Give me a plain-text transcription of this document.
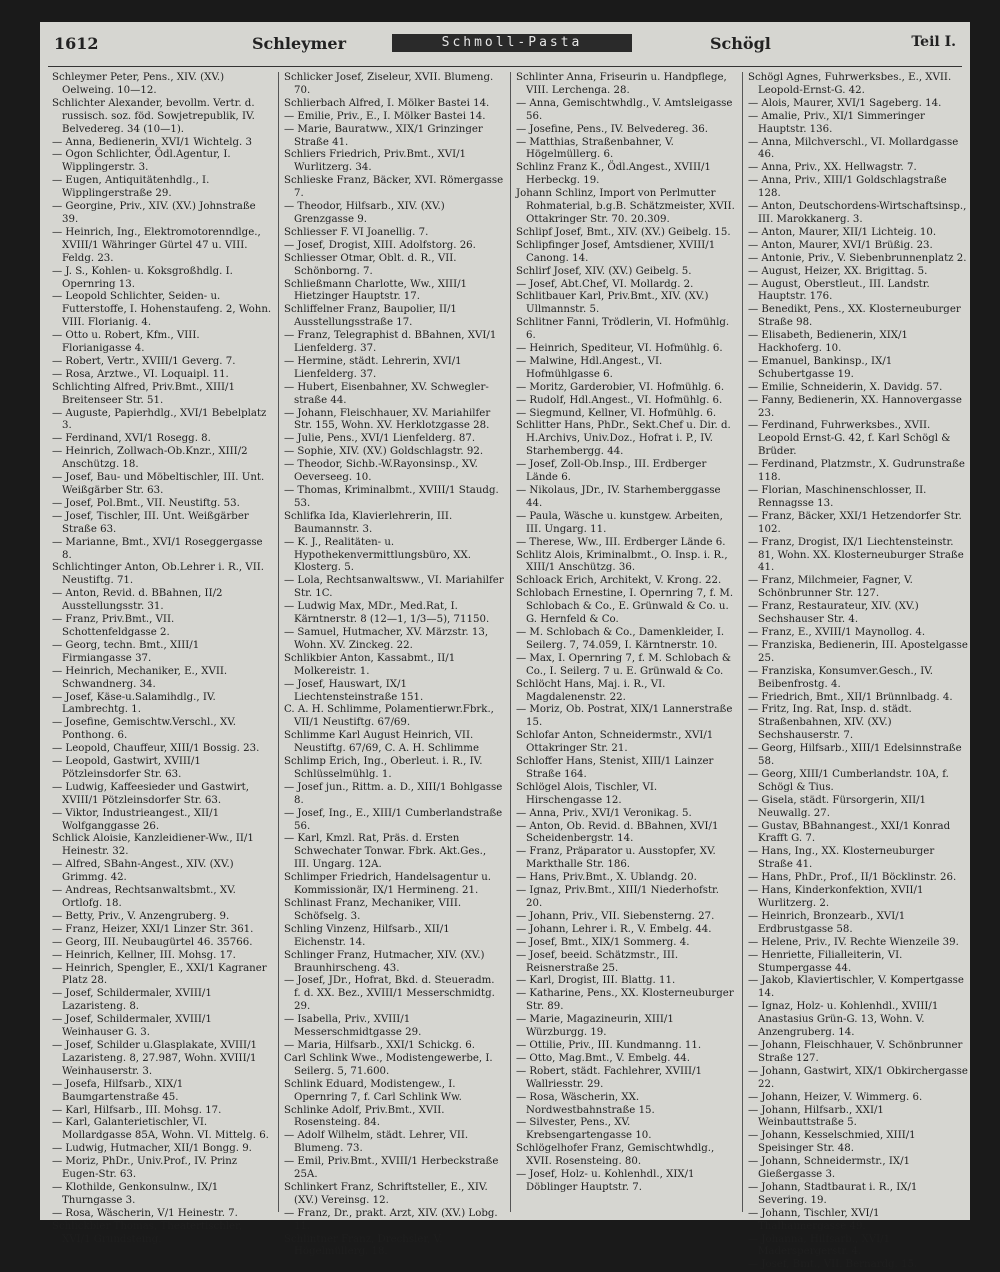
1612	Schleymer	Schmoll-Pasta	Schögl	Teil I.

Schleymer Peter, Pens., XIV. (XV.) Oelweing. 10—12.

Schlichter Alexander, bevollm. Vertr. d. russisch. soz. föd. Sowjetrepublik, IV. Belvedereg. 34 (10—1).

— Anna, Bedienerin, XVI/1 Wichtelg. 3

— Ogon Schlichter, Ödl.Agentur, I. Wipplingerstr. 3.

— Eugen, Antiquitätenhdlg., I. Wipplingerstraße 29.

— Georgine, Priv., XIV. (XV.) Johnstraße 39.

— Heinrich, Ing., Elektromotorenndlge., XVIII/1 Währinger Gürtel 47 u. VIII. Feldg. 23.

— J. S., Kohlen- u. Koksgroßhdlg. I. Opernring 13.

— Leopold Schlichter, Seiden- u. Futterstoffe, I. Hohenstaufeng. 2, Wohn. VIII. Florianig. 4.

— Otto u. Robert, Kfm., VIII. Florianigasse 4.

— Robert, Vertr., XVIII/1 Geverg. 7.

— Rosa, Arztwe., VI. Loquaipl. 11.

Schlichting Alfred, Priv.Bmt., XIII/1 Breitenseer Str. 51.

— Auguste, Papierhdlg., XVI/1 Bebelplatz 3.

— Ferdinand, XVI/1 Rosegg. 8.

— Heinrich, Zollwach-Ob.Knzr., XIII/2 Anschützg. 18.

— Josef, Bau- und Möbeltischler, III. Unt. Weißgärber Str. 63.

— Josef, Pol.Bmt., VII. Neustiftg. 53.

— Josef, Tischler, III. Unt. Weißgärber Straße 63.

— Marianne, Bmt., XVI/1 Roseggergasse 8.

Schlichtinger Anton, Ob.Lehrer i. R., VII. Neustiftg. 71.

— Anton, Revid. d. BBahnen, II/2 Ausstellungsstr. 31.

— Franz, Priv.Bmt., VII. Schottenfeldgasse 2.

— Georg, techn. Bmt., XIII/1 Firmiangasse 37.

— Heinrich, Mechaniker, E., XVII. Schwandnerg. 34.

— Josef, Käse-u.Salamihdlg., IV. Lambrechtg. 1.

— Josefine, Gemischtw.Verschl., XV. Ponthong. 6.

— Leopold, Chauffeur, XIII/1 Bossig. 23.

— Leopold, Gastwirt, XVIII/1 Pötzleinsdorfer Str. 63.

— Ludwig, Kaffeesieder und Gastwirt, XVIII/1 Pötzleinsdorfer Str. 63.

— Viktor, Industrieangest., XII/1 Wolfganggasse 26.

Schlick Aloisie, Kanzleidiener-Ww., II/1 Heinestr. 32.

— Alfred, SBahn-Angest., XIV. (XV.) Grimmg. 42.

— Andreas, Rechtsanwaltsbmt., XV. Ortlofg. 18.

— Betty, Priv., V. Anzengruberg. 9.

— Franz, Heizer, XXI/1 Linzer Str. 361.

— Georg, III. Neubaugürtel 46. 35766.

— Heinrich, Kellner, III. Mohsg. 17.

— Heinrich, Spengler, E., XXI/1 Kagraner Platz 28.

— Josef, Schildermaler, XVIII/1 Lazaristeng. 8.

— Josef, Schildermaler, XVIII/1 Weinhauser G. 3.

— Josef, Schilder u.Glasplakate, XVIII/1 Lazaristeng. 8, 27.987, Wohn. XVIII/1 Weinhauserstr. 3.

— Josefa, Hilfsarb., XIX/1 Baumgartenstraße 45.

— Karl, Hilfsarb., III. Mohsg. 17.

— Karl, Galanterietischler, VI. Mollardgasse 85A, Wohn. VI. Mittelg. 6.

— Ludwig, Hutmacher, XII/1 Bongg. 9.

— Moriz, PhDr., Univ.Prof., IV. Prinz Eugen-Str. 63.

— Klothilde, Genkonsulnw., IX/1 Thurngasse 3.

— Rosa, Wäscherin, V/1 Heinestr. 7.

Schlickbier Thomas, Theatertischler, XVI/1 Grundsteing.

Schlicker Josef, Ziseleur, XVII. Blumeng. 70.

Schlierbach Alfred, I. Mölker Bastei 14.

— Emilie, Priv., E., I. Mölker Bastei 14.

— Marie, Bauratww., XIX/1 Grinzinger Straße 41.

Schliers Friedrich, Priv.Bmt., XVI/1 Wurlitzerg. 34.

Schlieske Franz, Bäcker, XVI. Römergasse 7.

— Theodor, Hilfsarb., XIV. (XV.) Grenzgasse 9.

Schliesser F. VI Joanellig. 7.

— Josef, Drogist, XIII. Adolfstorg. 26.

Schliesser Otmar, Oblt. d. R., VII. Schönborng. 7.

Schließmann Charlotte, Ww., XIII/1 Hietzinger Hauptstr. 17.

Schliffelner Franz, Baupolier, II/1 Ausstellungsstraße 17.

— Franz, Telegraphist d. BBahnen, XVI/1 Lienfelderg. 37.

— Hermine, städt. Lehrerin, XVI/1 Lienfelderg. 37.

— Hubert, Eisenbahner, XV. Schwegler- straße 44.

— Johann, Fleischhauer, XV. Mariahilfer Str. 155, Wohn. XV. Herklotzgasse 28.

— Julie, Pens., XVI/1 Lienfelderg. 87.

— Sophie, XIV. (XV.) Goldschlagstr. 92.

— Theodor, Sichb.-W.Rayonsinsp., XV. Oeverseeg. 10.

— Thomas, Kriminalbmt., XVIII/1 Staudg. 53.

Schlifka Ida, Klavierlehrerin, III. Baumannstr. 3.

— K. J., Realitäten- u. Hypothekenvermittlungsbüro, XX. Klosterg. 5.

— Lola, Rechtsanwaltsww., VI. Mariahilfer Str. 1C.

— Ludwig Max, MDr., Med.Rat, I. Kärntnerstr. 8 (12—1, 1/3—5), 71150.

— Samuel, Hutmacher, XV. Märzstr. 13, Wohn. XV. Zinckeg. 22.

Schlikbier Anton, Kassabmt., II/1 Molkereistr. 1.

— Josef, Hauswart, IX/1 Liechtensteinstraße 151.

C. A. H. Schlimme, Polamentierwr.Fbrk., VII/1 Neustiftg. 67/69.

Schlimme Karl August Heinrich, VII. Neustiftg. 67/69, C. A. H. Schlimme

Schlimp Erich, Ing., Oberleut. i. R., IV. Schlüsselmühlg. 1.

— Josef jun., Rittm. a. D., XIII/1 Bohlgasse 8.

— Josef, Ing., E., XIII/1 Cumberlandstraße 56.

— Karl, Kmzl. Rat, Präs. d. Ersten Schwechater Tonwar. Fbrk. Akt.Ges., III. Ungarg. 12A.

Schlimper Friedrich, Handelsagentur u. Kommissionär, IX/1 Hermineng. 21.

Schlinast Franz, Mechaniker, VIII. Schöfselg. 3.

Schling Vinzenz, Hilfsarb., XII/1 Eichenstr. 14.

Schlinger Franz, Hutmacher, XIV. (XV.) Braunhirscheng. 43.

— Josef, JDr., Hofrat, Bkd. d. Steueradm. f. d. XX. Bez., XVIII/1 Messerschmidtg. 29.

— Isabella, Priv., XVIII/1 Messerschmidtgasse 29.

— Maria, Hilfsarb., XXI/1 Schickg. 6.

Carl Schlink Wwe., Modistengewerbe, I. Seilerg. 5, 71.600.

Schlink Eduard, Modistengew., I. Opernring 7, f. Carl Schlink Ww.

Schlinke Adolf, Priv.Bmt., XVII. Rosensteing. 84.

— Adolf Wilhelm, städt. Lehrer, VII. Blumeng. 73.

— Emil, Priv.Bmt., XVIII/1 Herbeckstraße 25A.

Schlinkert Franz, Schriftsteller, E., XIV. (XV.) Vereinsg. 12.

— Franz, Dr., prakt. Arzt, XIV. (XV.) Lobg. 11.

Schlintner Franz, Drechsler, V. Högelmüllerg. 18.

Schlinter Anna, Friseurin u. Handpflege, VIII. Lerchenga. 28.

— Anna, Gemischtwhdlg., V. Amtsleigasse 56.

— Josefine, Pens., IV. Belvedereg. 36.

— Matthias, Straßenbahner, V. Högelmüllerg. 6.

Schlinz Franz K., Ödl.Angest., XVIII/1 Herbeckg. 19.

Johann Schlinz, Import von Perlmutter Rohmaterial, b.g.B. Schätzmeister, XVII. Ottakringer Str. 70. 20.309.

Schlipf Josef, Bmt., XIV. (XV.) Geibelg. 15.

Schlipfinger Josef, Amtsdiener, XVIII/1 Canong. 14.

Schlirf Josef, XIV. (XV.) Geibelg. 5.

— Josef, Abt.Chef, VI. Mollardg. 2.

Schlitbauer Karl, Priv.Bmt., XIV. (XV.) Ullmannstr. 5.

Schlitner Fanni, Trödlerin, VI. Hofmühlg. 6.

— Heinrich, Spediteur, VI. Hofmühlg. 6.

— Malwine, Hdl.Angest., VI. Hofmühlgasse 6.

— Moritz, Garderobier, VI. Hofmühlg. 6.

— Rudolf, Hdl.Angest., VI. Hofmühlg. 6.

— Siegmund, Kellner, VI. Hofmühlg. 6.

Schlitter Hans, PhDr., Sekt.Chef u. Dir. d. H.Archivs, Univ.Doz., Hofrat i. P., IV. Starhembergg. 44.

— Josef, Zoll-Ob.Insp., III. Erdberger Lände 6.

— Nikolaus, JDr., IV. Starhemberggasse 44.

— Paula, Wäsche u. kunstgew. Arbeiten, III. Ungarg. 11.

— Therese, Ww., III. Erdberger Lände 6.

Schlitz Alois, Kriminalbmt., O. Insp. i. R., XIII/1 Anschützg. 36.

Schloack Erich, Architekt, V. Krong. 22.

Schlobach Ernestine, I. Opernring 7, f. M. Schlobach & Co., E. Grünwald & Co. u. G. Hernfeld & Co.

— M. Schlobach & Co., Damenkleider, I. Seilerg. 7, 74.059, I. Kärntnerstr. 10.

— Max, I. Opernring 7, f. M. Schlobach & Co., I. Seilerg. 7 u. E. Grünwald & Co.

Schlöcht Hans, Maj. i. R., VI. Magdalenenstr. 22.

— Moriz, Ob. Postrat, XIX/1 Lannerstraße 15.

Schlofar Anton, Schneidermstr., XVI/1 Ottakringer Str. 21.

Schloffer Hans, Stenist, XIII/1 Lainzer Straße 164.

Schlögel Alois, Tischler, VI. Hirschengasse 12.

— Anna, Priv., XVI/1 Veronikag. 5.

— Anton, Ob. Revid. d. BBahnen, XVI/1 Scheidenbergstr. 14.

— Franz, Präparator u. Ausstopfer, XV. Markthalle Str. 186.

— Hans, Priv.Bmt., X. Ublandg. 20.

— Ignaz, Priv.Bmt., XIII/1 Niederhofstr. 20.

— Johann, Priv., VII. Siebensterng. 27.

— Johann, Lehrer i. R., V. Embelg. 44.

— Josef, Bmt., XIX/1 Sommerg. 4.

— Josef, beeid. Schätzmstr., III. Reisnerstraße 25.

— Karl, Drogist, III. Blattg. 11.

— Katharine, Pens., XX. Klosterneuburger Str. 89.

— Marie, Magazineurin, XIII/1 Würzburgg. 19.

— Ottilie, Priv., III. Kundmanng. 11.

— Otto, Mag.Bmt., V. Embelg. 44.

— Robert, städt. Fachlehrer, XVIII/1 Wallriesstr. 29.

— Rosa, Wäscherin, XX. Nordwestbahnstraße 15.

— Silvester, Pens., XV. Krebsengartengasse 10.

Schlögelhofer Franz, Gemischtwhdlg., XVII. Rosensteing. 80.

— Josef, Holz- u. Kohlenhdl., XIX/1 Döblinger Hauptstr. 7.

Schögl Agnes, Fuhrwerksbes., E., XVII. Leopold-Ernst-G. 42.

— Alois, Maurer, XVI/1 Sageberg. 14.

— Amalie, Priv., XI/1 Simmeringer Hauptstr. 136.

— Anna, Milchverschl., VI. Mollardgasse 46.

— Anna, Priv., XX. Hellwagstr. 7.

— Anna, Priv., XIII/1 Goldschlagstraße 128.

— Anton, Deutschordens-Wirtschaftsinsp., III. Marokkanerg. 3.

— Anton, Maurer, XII/1 Lichteig. 10.

— Anton, Maurer, XVI/1 Brüßig. 23.

— Antonie, Priv., V. Siebenbrunnenplatz 2.

— August, Heizer, XX. Brigittag. 5.

— August, Oberstleut., III. Landstr. Hauptstr. 176.

— Benedikt, Pens., XX. Klosterneuburger Straße 98.

— Elisabeth, Bedienerin, XIX/1 Hackhoferg. 10.

— Emanuel, Bankinsp., IX/1 Schubertgasse 19.

— Emilie, Schneiderin, X. Davidg. 57.

— Fanny, Bedienerin, XX. Hannovergasse 23.

— Ferdinand, Fuhrwerksbes., XVII. Leopold Ernst-G. 42, f. Karl Schögl & Brüder.

— Ferdinand, Platzmstr., X. Gudrunstraße 118.

— Florian, Maschinenschlosser, II. Rennagsse 13.

— Franz, Bäcker, XXI/1 Hetzendorfer Str. 102.

— Franz, Drogist, IX/1 Liechtensteinstr. 81, Wohn. XX. Klosterneuburger Straße 41.

— Franz, Milchmeier, Fagner, V. Schönbrunner Str. 127.

— Franz, Restaurateur, XIV. (XV.) Sechshauser Str. 4.

— Franz, E., XVIII/1 Maynollog. 4.

— Franziska, Bedienerin, III. Apostelgasse 25.

— Franziska, Konsumver.Gesch., IV. Beibenfrostg. 4.

— Friedrich, Bmt., XII/1 Brünnlbadg. 4.

— Fritz, Ing. Rat, Insp. d. städt. Straßenbahnen, XIV. (XV.) Sechshauserstr. 7.

— Georg, Hilfsarb., XIII/1 Edelsinnstraße 58.

— Georg, XIII/1 Cumberlandstr. 10A, f. Schögl & Tius.

— Gisela, städt. Fürsorgerin, XII/1 Neuwallg. 27.

— Gustav, BBahnangest., XXI/1 Konrad Krafft G. 7.

— Hans, Ing., XX. Klosterneuburger Straße 41.

— Hans, PhDr., Prof., II/1 Böcklinstr. 26.

— Hans, Kinderkonfektion, XVII/1 Wurlitzerg. 2.

— Heinrich, Bronzearb., XVI/1 Erdbrustgasse 58.

— Helene, Priv., IV. Rechte Wienzeile 39.

— Henriette, Filialleiterin, VI. Stumpergasse 44.

— Jakob, Klaviertischler, V. Kompertgasse 14.

— Ignaz, Holz- u. Kohlenhdl., XVIII/1 Anastasius Grün-G. 13, Wohn. V. Anzengruberg. 14.

— Johann, Fleischhauer, V. Schönbrunner Straße 127.

— Johann, Gastwirt, XIX/1 Obkirchergasse 22.

— Johann, Heizer, V. Wimmerg. 6.

— Johann, Hilfsarb., XXI/1 Weinbauttstraße 5.

— Johann, Kesselschmied, XIII/1 Speisinger Str. 48.

— Johann, Schneidermstr., IX/1 Gießergasse 3.

— Johann, Stadtbaurat i. R., IX/1 Severing. 19.

— Johann, Tischler, XVI/1 Thalhaimergasse 49.

— Johanna, Hilfsarb., XVI/1 Maderspergerstr. 4.

— Josef, Bmt., VII. Bernardg. 15.
